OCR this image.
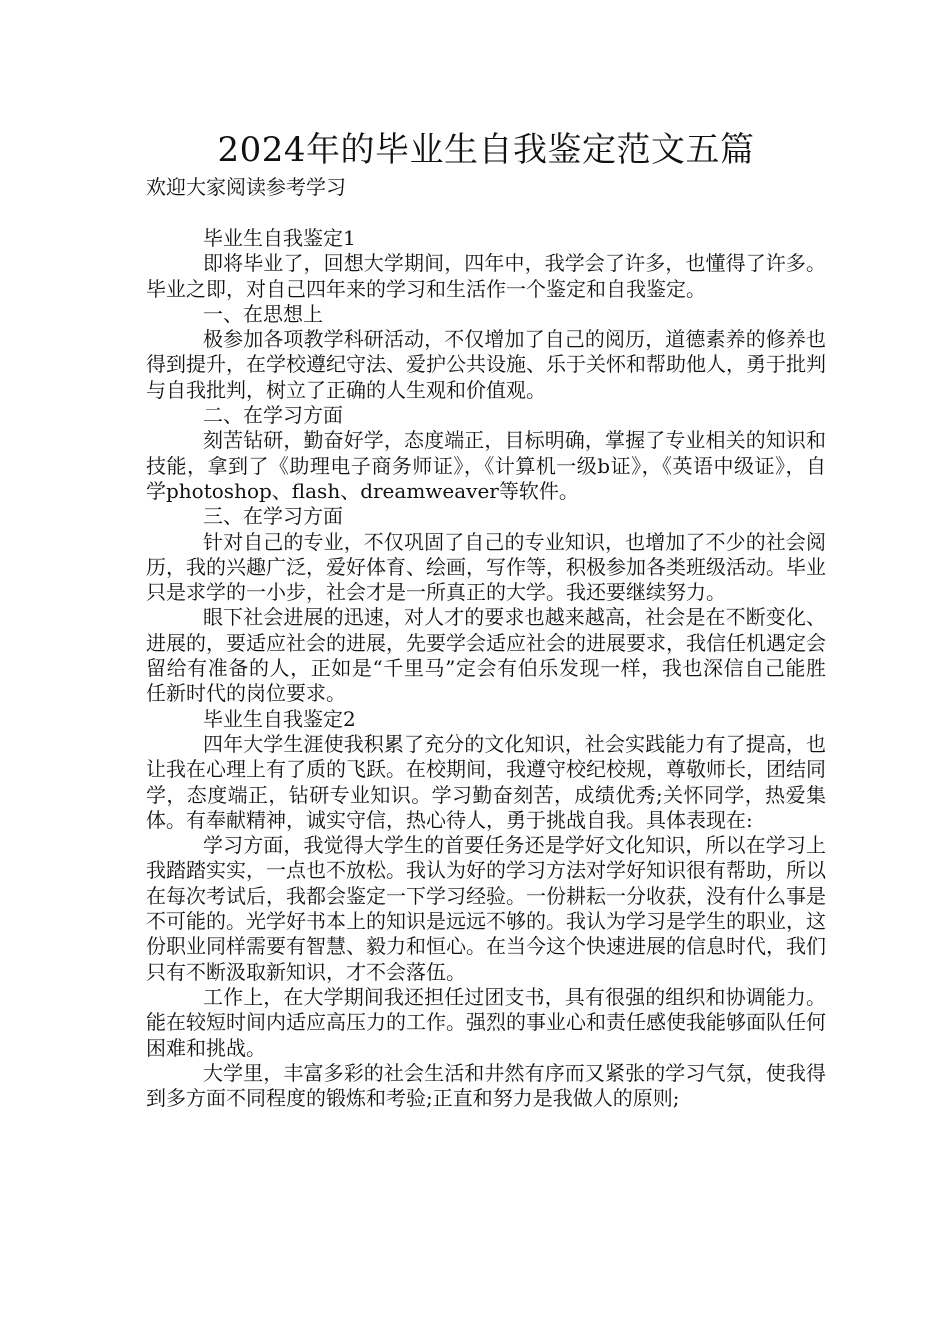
2024年的毕业生自我鉴定范文五篇
欢迎大家阅读参考学习

毕业生自我鉴定1

即将毕业了，回想大学期间，四年中，我学会了许多，也懂得了许多。毕业之即，对自己四年来的学习和生活作一个鉴定和自我鉴定。

一、在思想上

极参加各项教学科研活动，不仅增加了自己的阅历，道德素养的修养也得到提升，在学校遵纪守法、爱护公共设施、乐于关怀和帮助他人，勇于批判与自我批判，树立了正确的人生观和价值观。

二、在学习方面

刻苦钻研，勤奋好学，态度端正，目标明确，掌握了专业相关的知识和技能，拿到了《助理电子商务师证》，《计算机一级b证》，《英语中级证》，自学photoshop、flash、dreamweaver等软件。

三、在学习方面

针对自己的专业，不仅巩固了自己的专业知识，也增加了不少的社会阅历，我的兴趣广泛，爱好体育、绘画，写作等，积极参加各类班级活动。毕业只是求学的一小步，社会才是一所真正的大学。我还要继续努力。

眼下社会进展的迅速，对人才的要求也越来越高，社会是在不断变化、进展的，要适应社会的进展，先要学会适应社会的进展要求，我信任机遇定会留给有准备的人，正如是“千里马”定会有伯乐发现一样，我也深信自己能胜任新时代的岗位要求。

毕业生自我鉴定2

四年大学生涯使我积累了充分的文化知识，社会实践能力有了提高，也让我在心理上有了质的飞跃。在校期间，我遵守校纪校规，尊敬师长，团结同学，态度端正，钻研专业知识。学习勤奋刻苦，成绩优秀;关怀同学，热爱集体。有奉献精神，诚实守信，热心待人，勇于挑战自我。具体表现在:

学习方面，我觉得大学生的首要任务还是学好文化知识，所以在学习上我踏踏实实，一点也不放松。我认为好的学习方法对学好知识很有帮助，所以在每次考试后，我都会鉴定一下学习经验。一份耕耘一分收获，没有什么事是不可能的。光学好书本上的知识是远远不够的。我认为学习是学生的职业，这份职业同样需要有智慧、毅力和恒心。在当今这个快速进展的信息时代，我们只有不断汲取新知识，才不会落伍。

工作上，在大学期间我还担任过团支书，具有很强的组织和协调能力。能在较短时间内适应高压力的工作。强烈的事业心和责任感使我能够面队任何困难和挑战。

大学里，丰富多彩的社会生活和井然有序而又紧张的学习气氛，使我得到多方面不同程度的锻炼和考验;正直和努力是我做人的原则;
